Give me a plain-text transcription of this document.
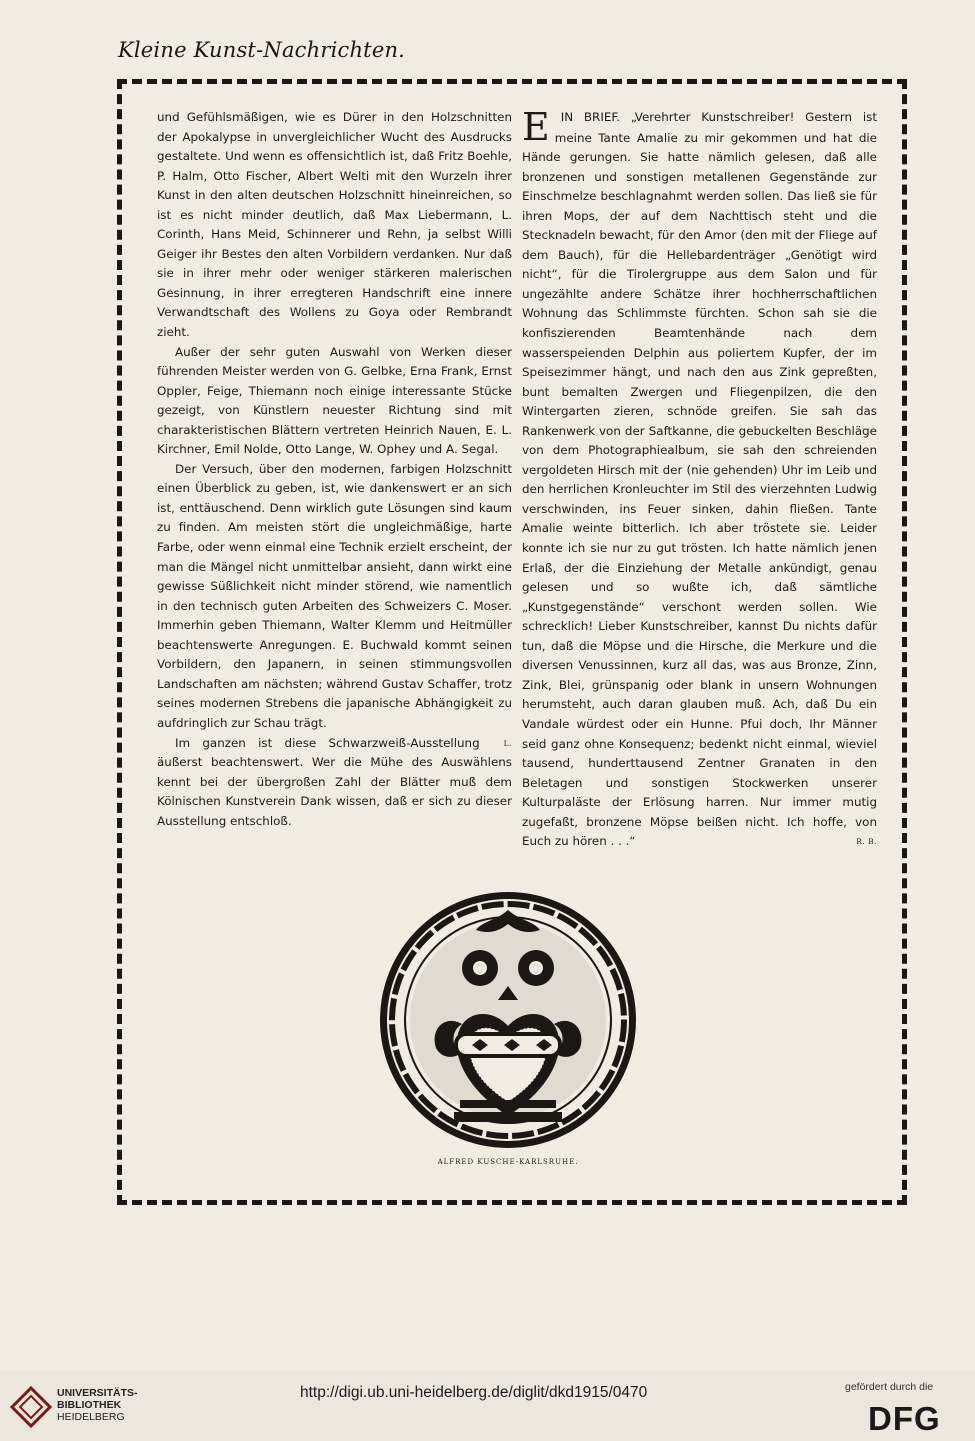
Kleine Kunst-Nachrichten.

und Gefühlsmäßigen, wie es Dürer in den Holzschnitten der Apokalypse in unvergleichlicher Wucht des Ausdrucks gestaltete. Und wenn es offensichtlich ist, daß Fritz Boehle, P. Halm, Otto Fischer, Albert Welti mit den Wurzeln ihrer Kunst in den alten deutschen Holzschnitt hineinreichen, so ist es nicht minder deutlich, daß Max Liebermann, L. Corinth, Hans Meid, Schinnerer und Rehn, ja selbst Willi Geiger ihr Bestes den alten Vorbildern verdanken. Nur daß sie in ihrer mehr oder weniger stärkeren malerischen Gesinnung, in ihrer erregteren Handschrift eine innere Verwandtschaft des Wollens zu Goya oder Rembrandt zieht.

Außer der sehr guten Auswahl von Werken dieser führenden Meister werden von G. Gelbke, Erna Frank, Ernst Oppler, Feige, Thiemann noch einige interessante Stücke gezeigt, von Künstlern neuester Richtung sind mit charakteristischen Blättern vertreten Heinrich Nauen, E. L. Kirchner, Emil Nolde, Otto Lange, W. Ophey und A. Segal.

Der Versuch, über den modernen, farbigen Holzschnitt einen Überblick zu geben, ist, wie dankenswert er an sich ist, enttäuschend. Denn wirklich gute Lösungen sind kaum zu finden. Am meisten stört die ungleichmäßige, harte Farbe, oder wenn einmal eine Technik erzielt erscheint, der man die Mängel nicht unmittelbar ansieht, dann wirkt eine gewisse Süßlichkeit nicht minder störend, wie namentlich in den technisch guten Arbeiten des Schweizers C. Moser. Immerhin geben Thiemann, Walter Klemm und Heitmüller beachtenswerte Anregungen. E. Buchwald kommt seinen Vorbildern, den Japanern, in seinen stimmungsvollen Landschaften am nächsten; während Gustav Schaffer, trotz seines modernen Strebens die japanische Abhängigkeit zu aufdringlich zur Schau trägt.

L.
Im ganzen ist diese Schwarzweiß-Ausstellung äußerst beachtenswert. Wer die Mühe des Auswählens kennt bei der übergroßen Zahl der Blätter muß dem Kölnischen Kunstverein Dank wissen, daß er sich zu dieser Ausstellung entschloß.

EIN BRIEF. „Verehrter Kunstschreiber! Gestern ist meine Tante Amalie zu mir gekommen und hat die Hände gerungen. Sie hatte nämlich gelesen, daß alle bronzenen und sonstigen metallenen Gegenstände zur Einschmelze beschlagnahmt werden sollen. Das ließ sie für ihren Mops, der auf dem Nachttisch steht und die Stecknadeln bewacht, für den Amor (den mit der Fliege auf dem Bauch), für die Hellebardenträger „Genötigt wird nicht“, für die Tirolergruppe aus dem Salon und für ungezählte andere Schätze ihrer hochherrschaftlichen Wohnung das Schlimmste fürchten. Schon sah sie die konfiszierenden Beamtenhände nach dem wasserspeienden Delphin aus poliertem Kupfer, der im Speisezimmer hängt, und nach den aus Zink gepreßten, bunt bemalten Zwergen und Fliegenpilzen, die den Wintergarten zieren, schnöde greifen. Sie sah das Rankenwerk von der Saftkanne, die gebuckelten Beschläge von dem Photographiealbum, sie sah den schreienden vergoldeten Hirsch mit der (nie gehenden) Uhr im Leib und den herrlichen Kronleuchter im Stil des vierzehnten Ludwig verschwinden, ins Feuer sinken, dahin fließen. Tante Amalie weinte bitterlich. Ich aber tröstete sie. Leider konnte ich sie nur zu gut trösten. Ich hatte nämlich jenen Erlaß, der die Einziehung der Metalle ankündigt, genau gelesen und so wußte ich, daß sämtliche „Kunstgegenstände“ verschont werden sollen. Wie schrecklich! Lieber Kunstschreiber, kannst Du nichts dafür tun, daß die Möpse und die Hirsche, die Merkure und die diversen Venussinnen, kurz all das, was aus Bronze, Zinn, Zink, Blei, grünspanig oder blank in unsern Wohnungen herumsteht, auch daran glauben muß. Ach, daß Du ein Vandale würdest oder ein Hunne. Pfui doch, Ihr Männer seid ganz ohne Konsequenz; bedenkt nicht einmal, wieviel tausend, hunderttausend Zentner Granaten in den Beletagen und sonstigen Stockwerken unserer Kulturpaläste der Erlösung harren. Nur immer mutig zugefaßt, bronzene Möpse beißen nicht. Ich hoffe, von Euch zu hören . . .“	R. B.

ALFRED KUSCHE-KARLSRUHE.
UNIVERSITÄTS-
BIBLIOTHEK
HEIDELBERG
http://digi.ub.uni-heidelberg.de/diglit/dkd1915/0470	gefördert durch die
DFG
